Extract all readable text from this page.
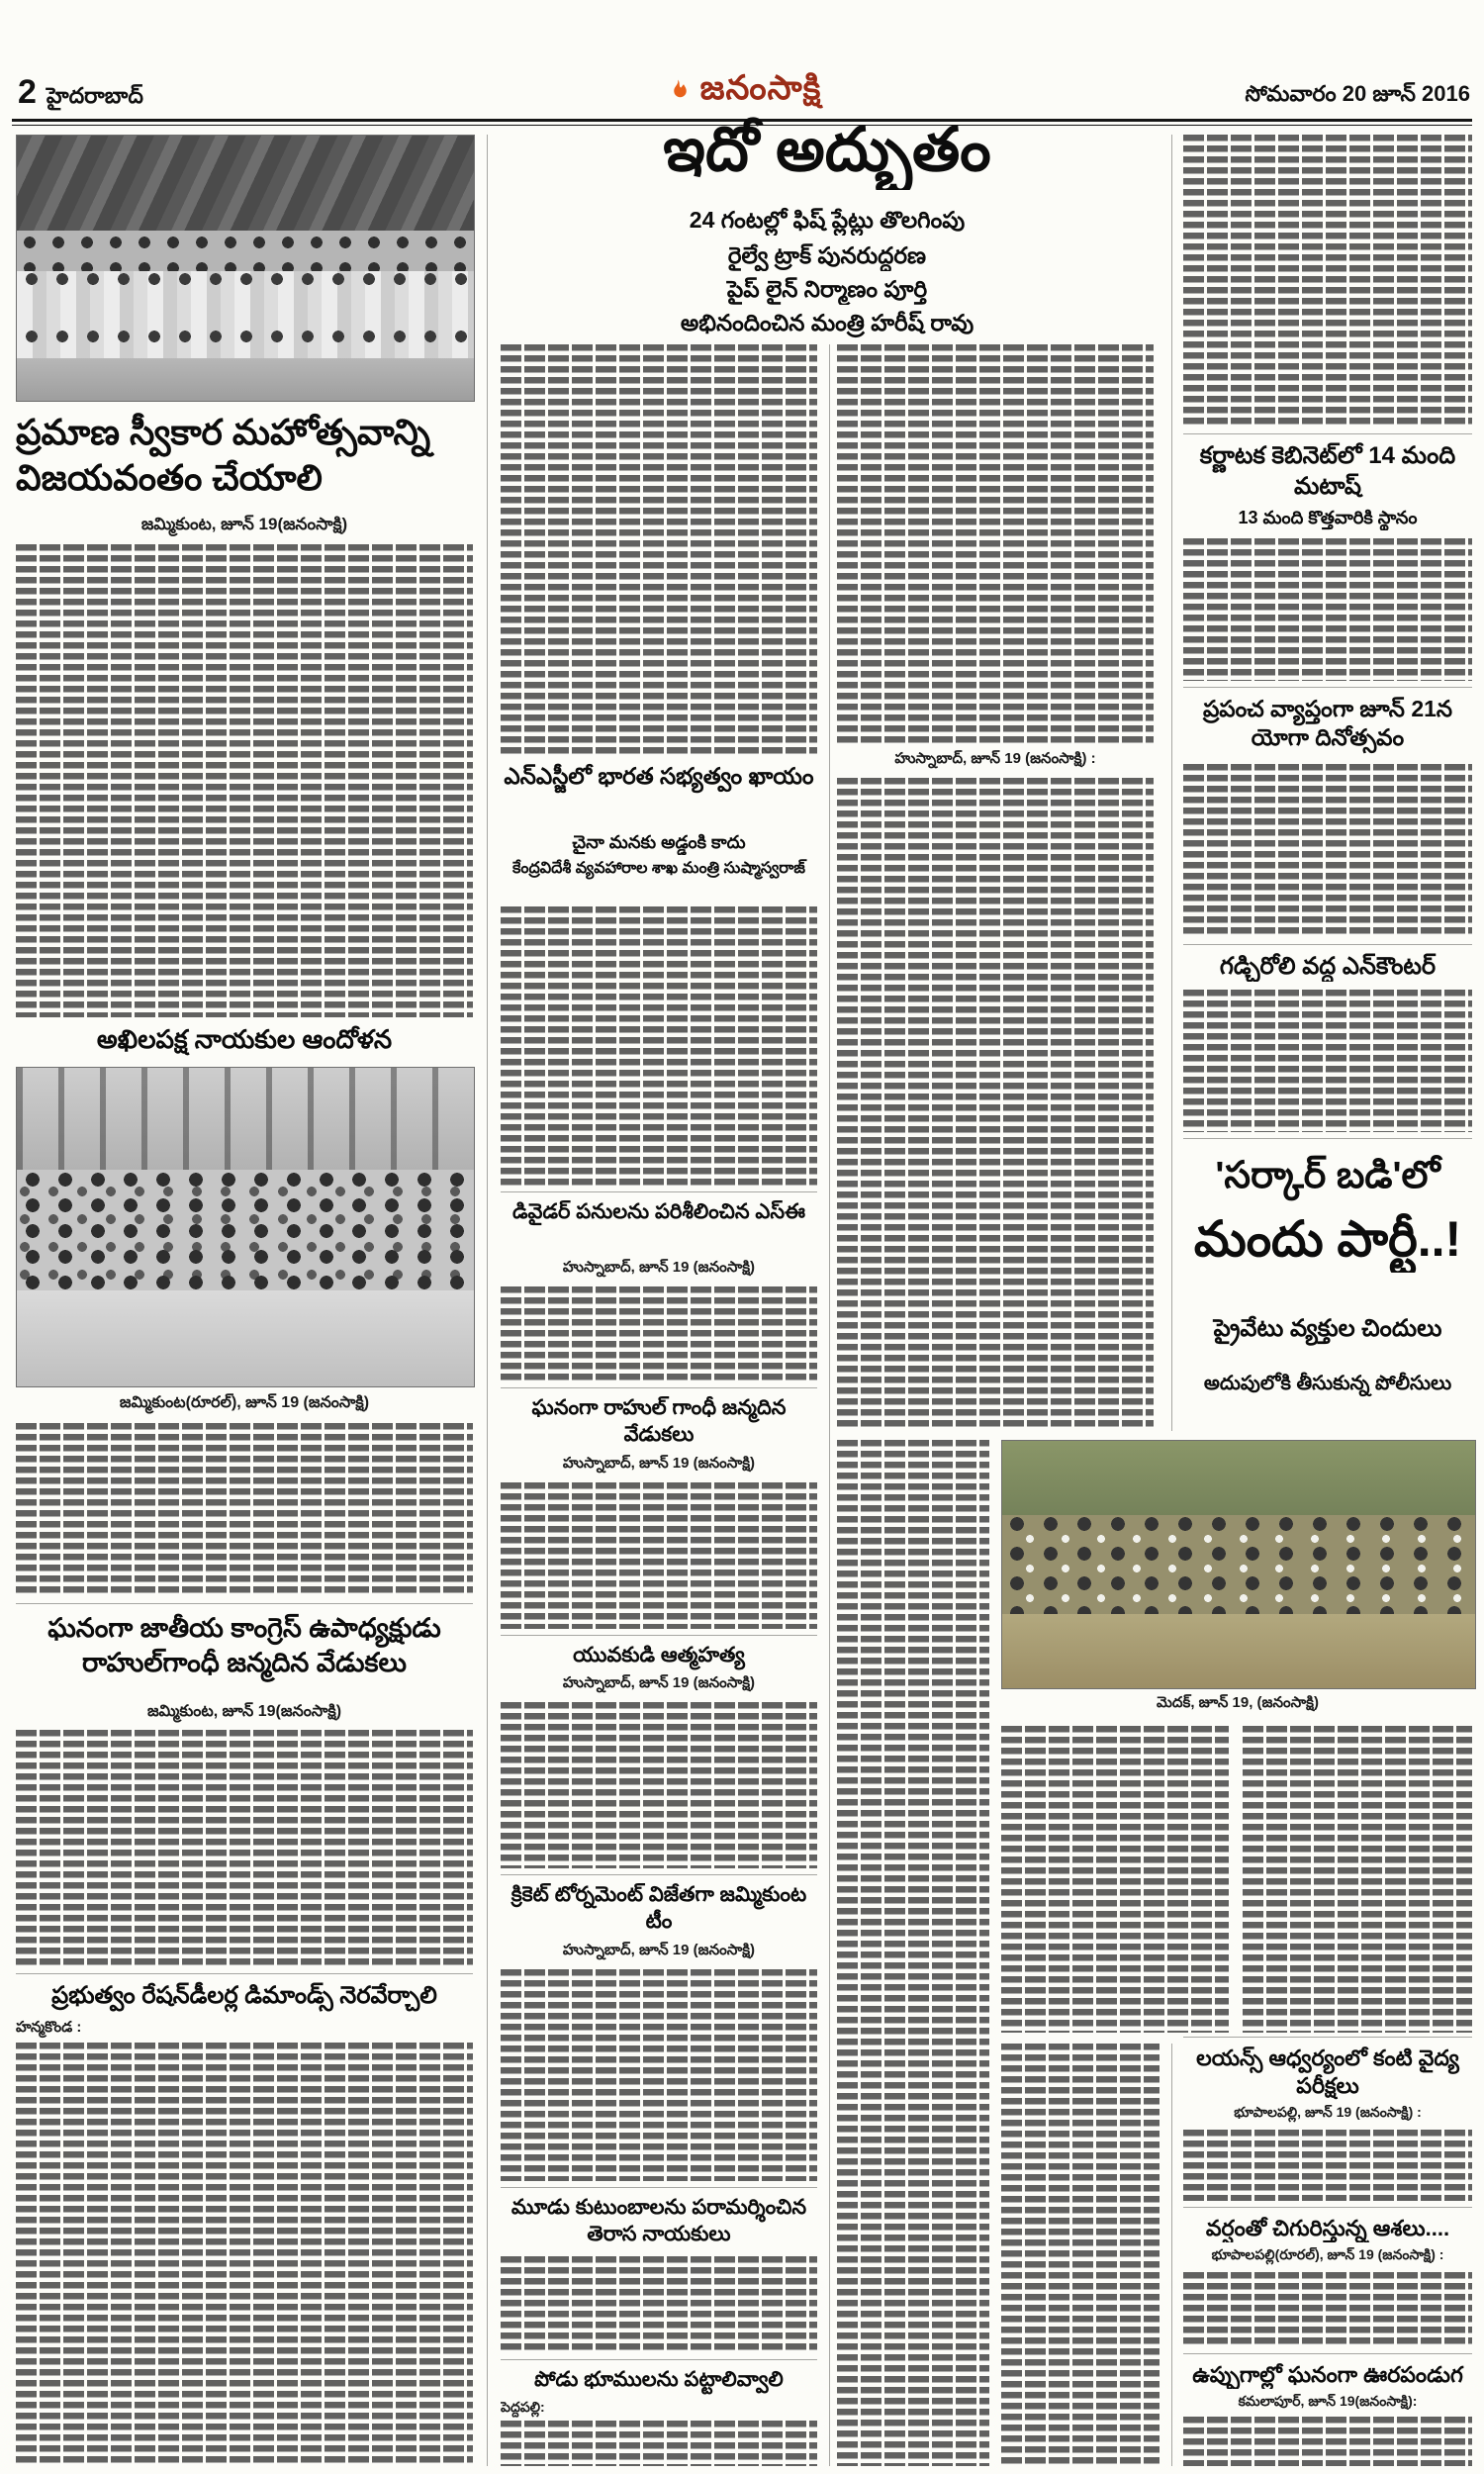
2 హైదరాబాద్	జనంసాక్షి	సోమవారం 20 జూన్ 2016
ప్రమాణ స్వీకార మహోత్సవాన్ని విజయవంతం చేయాలి
జమ్మికుంట, జూన్ 19(జనంసాక్షి)
అఖిలపక్ష నాయకుల ఆందోళన
జమ్మికుంట(రూరల్), జూన్ 19 (జనంసాక్షి)
ఘనంగా జాతీయ కాంగ్రెస్ ఉపాధ్యక్షుడు రాహుల్‌గాంధీ జన్మదిన వేడుకలు
జమ్మికుంట, జూన్ 19(జనంసాక్షి)
ప్రభుత్వం రేషన్‌డీలర్ల డిమాండ్స్ నెరవేర్చాలి
హన్మకొండ :
ఇదో అద్భుతం
24 గంటల్లో ఫిష్ ప్లేట్లు తొలగింపు
రైల్వే ట్రాక్ పునరుద్ధరణ
పైప్ లైన్ నిర్మాణం పూర్తి
అభినందించిన మంత్రి హరీష్ రావు
ఎన్ఎస్జీలో భారత సభ్యత్వం ఖాయం
చైనా మనకు అడ్డంకి కాదు
కేంద్రవిదేశీ వ్యవహారాల శాఖ మంత్రి సుష్మాస్వరాజ్
డివైడర్ పనులను పరిశీలించిన ఎస్ఈ
హుస్నాబాద్, జూన్ 19 (జనంసాక్షి)
ఘనంగా రాహుల్ గాంధీ జన్మదిన వేడుకలు
హుస్నాబాద్, జూన్ 19 (జనంసాక్షి)
యువకుడి ఆత్మహత్య
హుస్నాబాద్, జూన్ 19 (జనంసాక్షి)
క్రికెట్ టోర్నమెంట్ విజేతగా జమ్మికుంట టీం
హుస్నాబాద్, జూన్ 19 (జనంసాక్షి)
మూడు కుటుంబాలను పరామర్శించిన తెరాస నాయకులు
పోడు భూములను పట్టాలివ్వాలి
పెద్దపల్లి:
హుస్నాబాద్, జూన్ 19 (జనంసాక్షి) :
కర్ణాటక కెబినెట్‌లో 14 మంది మటాష్
13 మంది కొత్తవారికి స్థానం
ప్రపంచ వ్యాప్తంగా జూన్ 21న యోగా దినోత్సవం
గడ్చిరోలి వద్ద ఎన్‌కౌంటర్
'సర్కార్ బడి'లో
మందు పార్టీ..!
ప్రైవేటు వ్యక్తుల చిందులు
అదుపులోకి తీసుకున్న పోలీసులు
మెదక్, జూన్ 19, (జనంసాక్షి)
లయన్స్ ఆధ్వర్యంలో కంటి వైద్య పరీక్షలు
భూపాలపల్లి, జూన్ 19 (జనంసాక్షి) :
వర్షంతో చిగురిస్తున్న ఆశలు....
భూపాలపల్లి(రూరల్), జూన్ 19 (జనంసాక్షి) :
ఉప్పుగాల్లో ఘనంగా ఊరపండుగ
కమలాపూర్, జూన్ 19(జనంసాక్షి):
